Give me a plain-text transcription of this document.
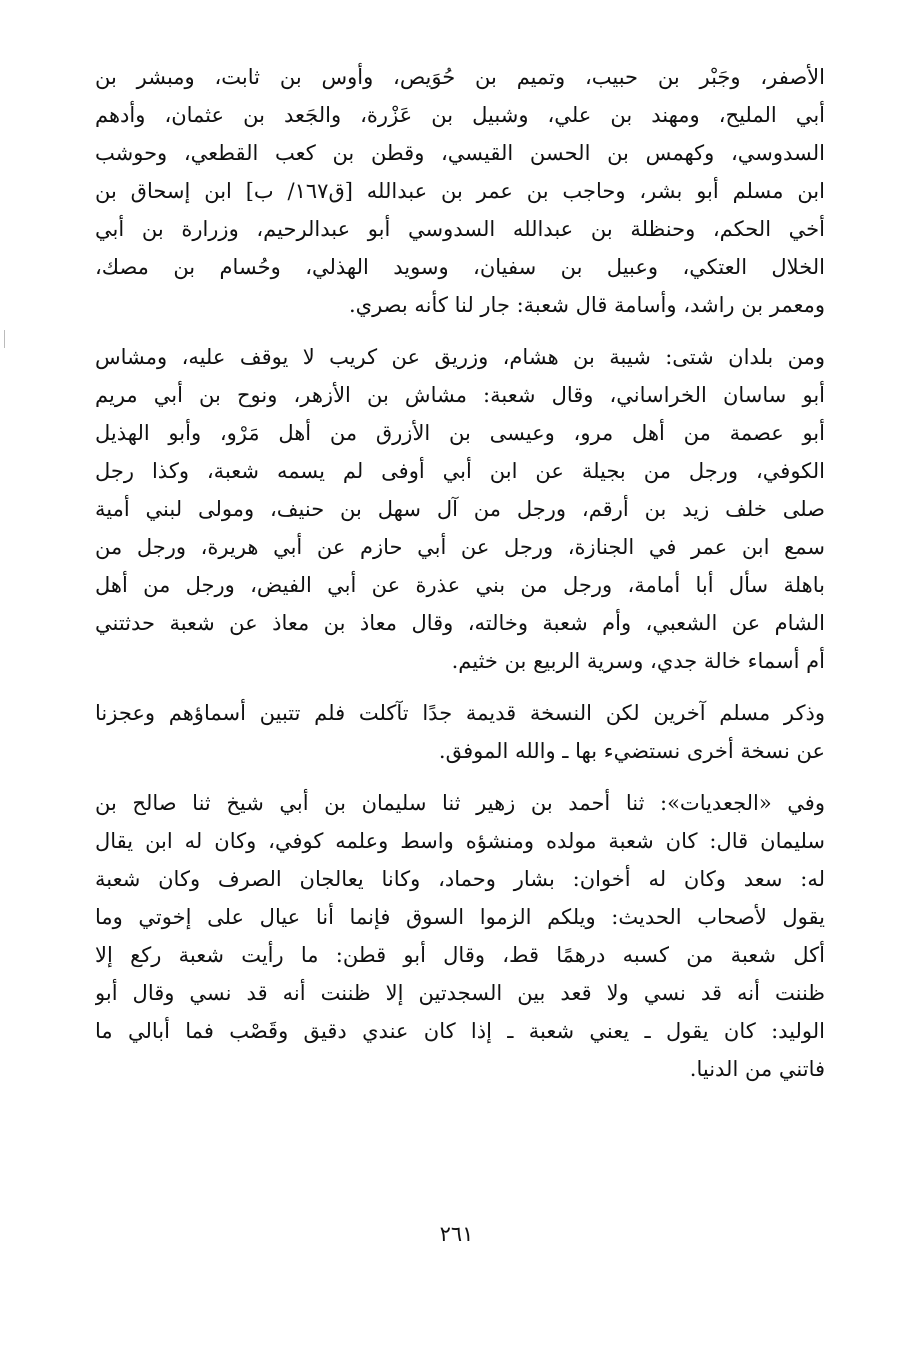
الأصفر، وجَبْر بن حبيب، وتميم بن حُوَيص، وأوس بن ثابت، ومبشر بن
أبي المليح، ومهند بن علي، وشبيل بن عَزْرة، والجَعد بن عثمان، وأدهم
السدوسي، وكهمس بن الحسن القيسي، وقطن بن كعب القطعي، وحوشب
ابن مسلم أبو بشر، وحاجب بن عمر بن عبدالله [ق١٦٧/ ب] ابن إسحاق بن
أخي الحكم، وحنظلة بن عبدالله السدوسي أبو عبدالرحيم، وزرارة بن أبي
الخلال العتكي، وعبيل بن سفيان، وسويد الهذلي، وحُسام بن مصك،
ومعمر بن راشد، وأسامة قال شعبة: جار لنا كأنه بصري.
ومن بلدان شتى: شيبة بن هشام، وزريق عن كريب لا يوقف عليه، ومشاس
أبو ساسان الخراساني، وقال شعبة: مشاش بن الأزهر، ونوح بن أبي مريم
أبو عصمة من أهل مرو، وعيسى بن الأزرق من أهل مَرْو، وأبو الهذيل
الكوفي، ورجل من بجيلة عن ابن أبي أوفى لم يسمه شعبة، وكذا رجل
صلى خلف زيد بن أرقم، ورجل من آل سهل بن حنيف، ومولى لبني أمية
سمع ابن عمر في الجنازة، ورجل عن أبي حازم عن أبي هريرة، ورجل من
باهلة سأل أبا أمامة، ورجل من بني عذرة عن أبي الفيض، ورجل من أهل
الشام عن الشعبي، وأم شعبة وخالته، وقال معاذ بن معاذ عن شعبة حدثتني
أم أسماء خالة جدي، وسرية الربيع بن خثيم.
وذكر مسلم آخرين لكن النسخة قديمة جدًا تآكلت فلم تتبين أسماؤهم وعجزنا
عن نسخة أخرى نستضيء بها ـ والله الموفق.
وفي «الجعديات»: ثنا أحمد بن زهير ثنا سليمان بن أبي شيخ ثنا صالح بن
سليمان قال: كان شعبة مولده ومنشؤه واسط وعلمه كوفي، وكان له ابن يقال
له: سعد وكان له أخوان: بشار وحماد، وكانا يعالجان الصرف وكان شعبة
يقول لأصحاب الحديث: ويلكم الزموا السوق فإنما أنا عيال على إخوتي وما
أكل شعبة من كسبه درهمًا قط، وقال أبو قطن: ما رأيت شعبة ركع إلا
ظننت أنه قد نسي ولا قعد بين السجدتين إلا ظننت أنه قد نسي وقال أبو
الوليد: كان يقول ـ يعني شعبة ـ إذا كان عندي دقيق وقَصْب فما أبالي ما
فاتني من الدنيا.
٢٦١
